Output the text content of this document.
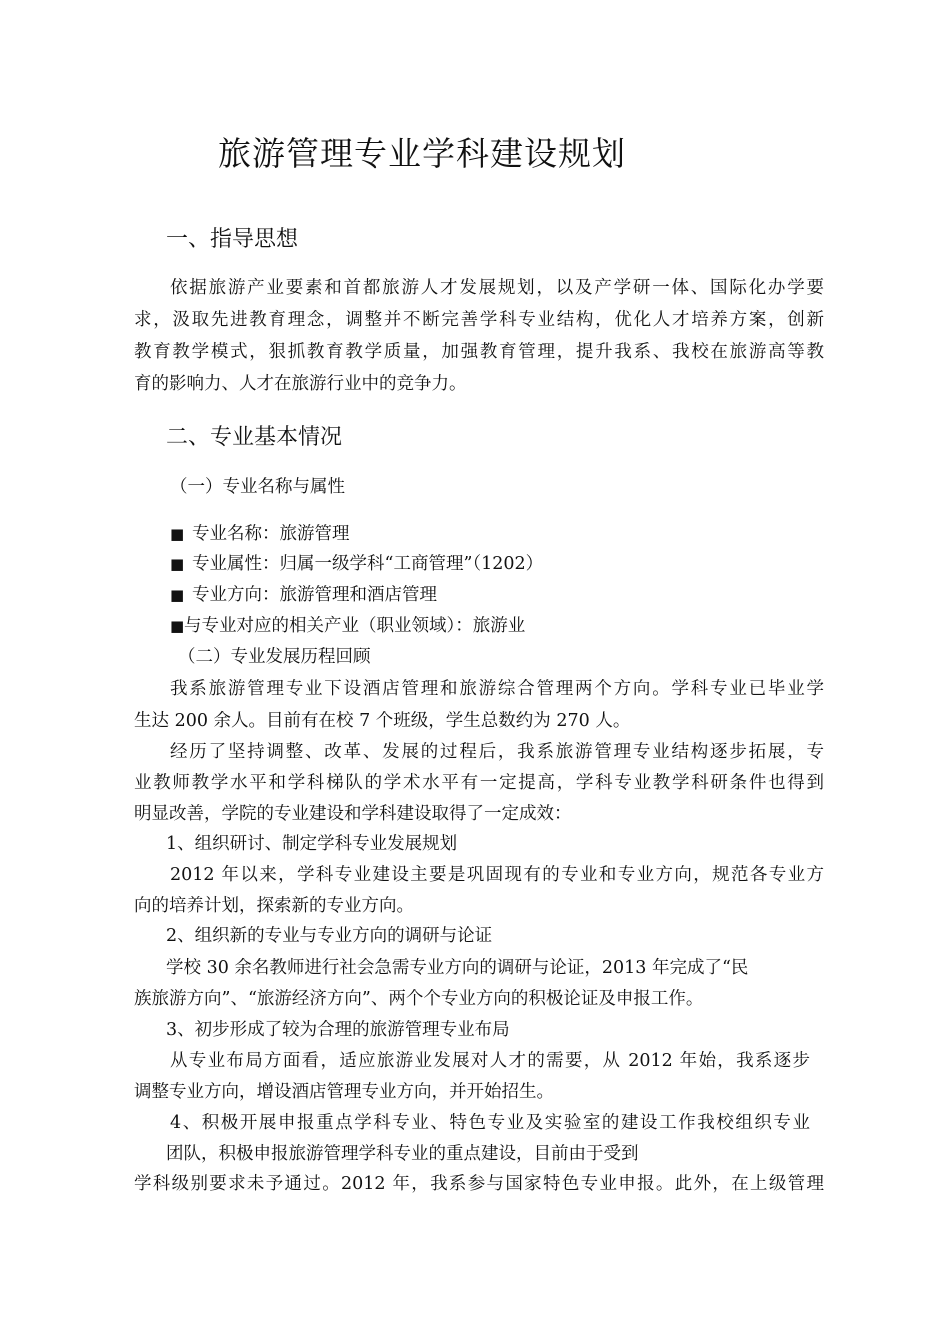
旅游管理专业学科建设规划
一、指导思想
依据旅游产业要素和首都旅游人才发展规划，以及产学研一体、国际化办学要
求，汲取先进教育理念，调整并不断完善学科专业结构，优化人才培养方案，创新
教育教学模式，狠抓教育教学质量，加强教育管理，提升我系、我校在旅游高等教
育的影响力、人才在旅游行业中的竞争力。
二、专业基本情况
（一）专业名称与属性
■ 专业名称：旅游管理
■ 专业属性：归属一级学科“工商管理”（1202）
■ 专业方向：旅游管理和酒店管理
■与专业对应的相关产业（职业领域）：旅游业
（二）专业发展历程回顾
我系旅游管理专业下设酒店管理和旅游综合管理两个方向。学科专业已毕业学
生达 200 余人。目前有在校 7 个班级，学生总数约为 270 人。
经历了坚持调整、改革、发展的过程后，我系旅游管理专业结构逐步拓展，专
业教师教学水平和学科梯队的学术水平有一定提高，学科专业教学科研条件也得到
明显改善，学院的专业建设和学科建设取得了一定成效：
1、组织研讨、制定学科专业发展规划
2012 年以来，学科专业建设主要是巩固现有的专业和专业方向，规范各专业方
向的培养计划，探索新的专业方向。
2、组织新的专业与专业方向的调研与论证
学校 30 余名教师进行社会急需专业方向的调研与论证，2013 年完成了“民
族旅游方向”、“旅游经济方向”、两个个专业方向的积极论证及申报工作。
3、初步形成了较为合理的旅游管理专业布局
从专业布局方面看，适应旅游业发展对人才的需要，从 2012 年始，我系逐步
调整专业方向，增设酒店管理专业方向，并开始招生。
4、积极开展申报重点学科专业、特色专业及实验室的建设工作我校组织专业
团队，积极申报旅游管理学科专业的重点建设，目前由于受到
学科级别要求未予通过。2012 年，我系参与国家特色专业申报。此外，在上级管理
